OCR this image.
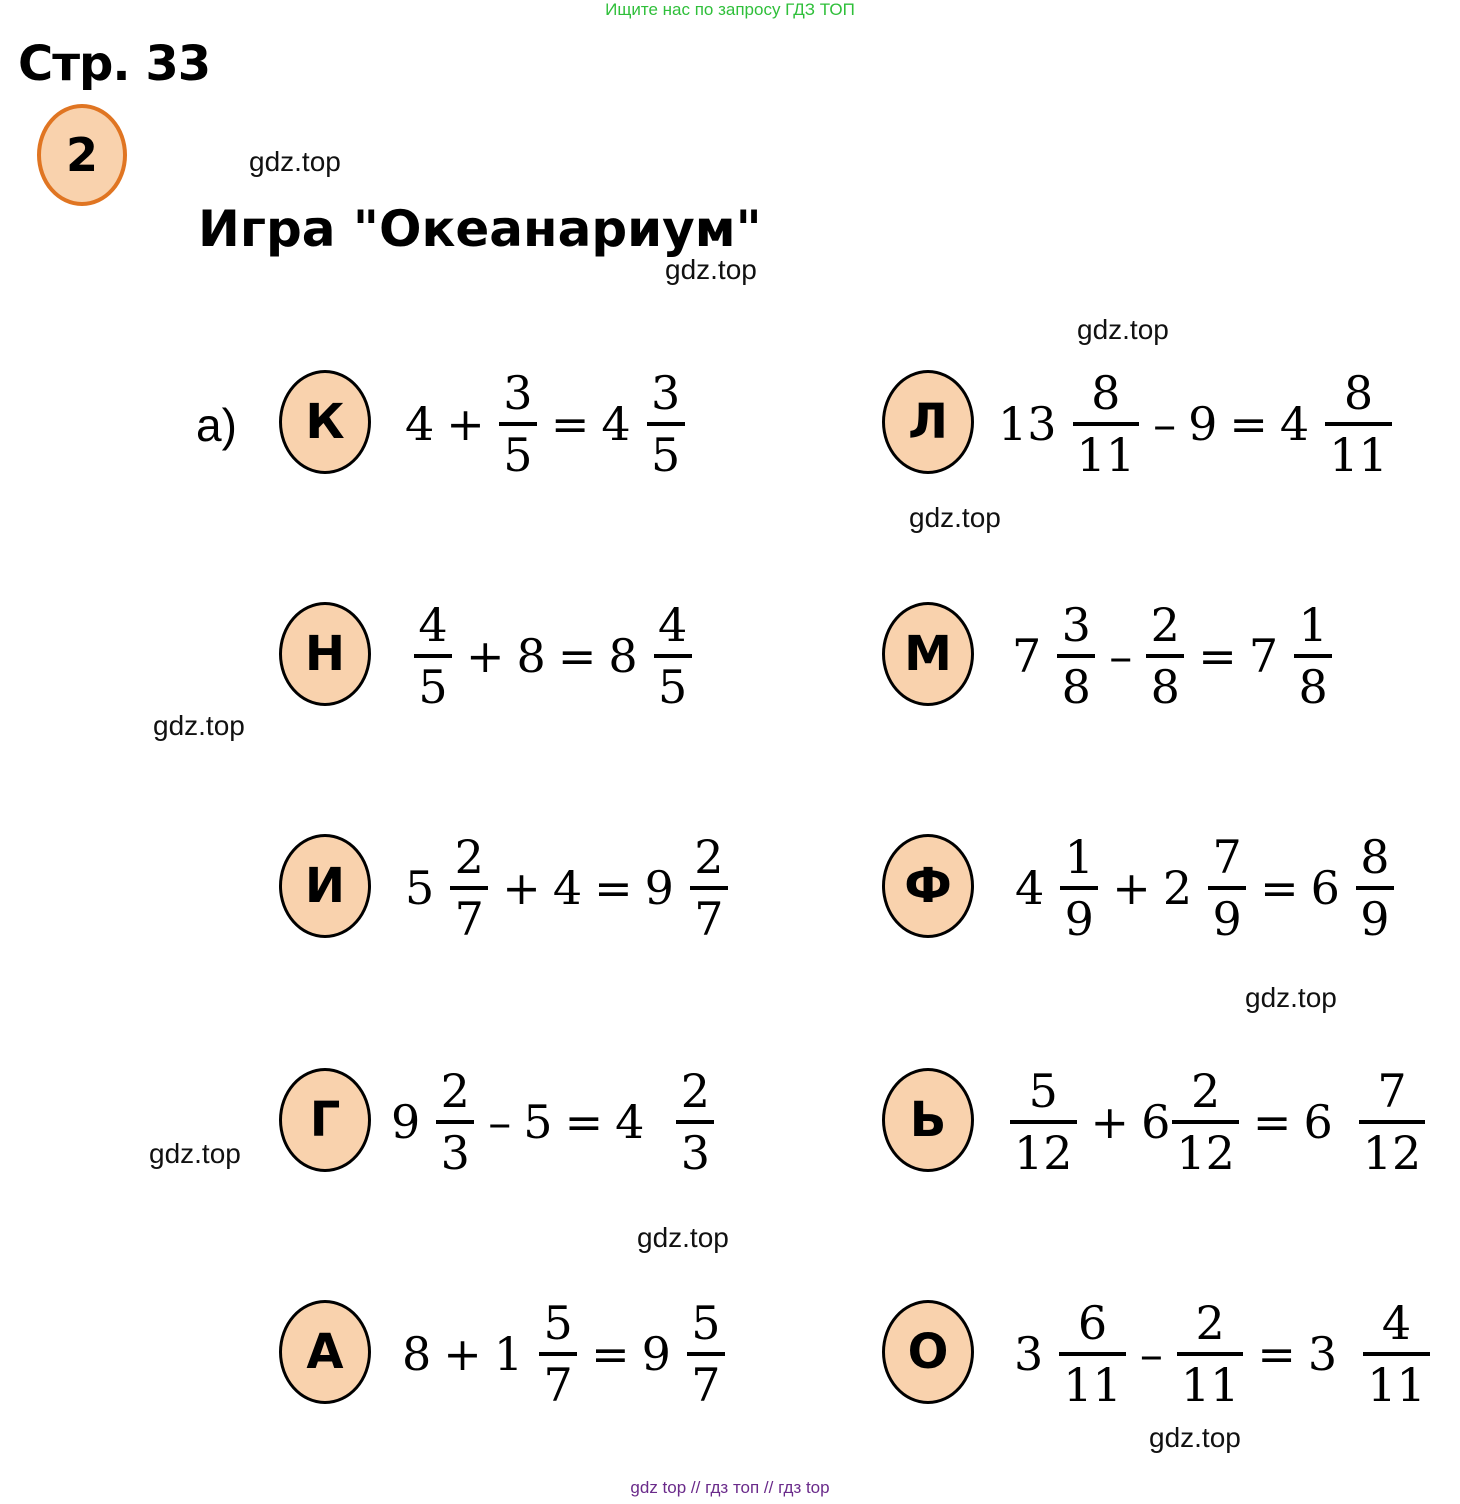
Ищите нас по запросу ГДЗ ТОП
Стр. 33
2
Игра "Океанариум"
а)
gdz.top
gdz.top
gdz.top
gdz.top
gdz.top
gdz.top
gdz.top
gdz.top
gdz.top
К $4 + \frac{3}{5} = 4 \frac{3}{5}$	Л $13 \frac{8}{11} - 9 = 4 \frac{8}{11}$
Н $\frac{4}{5} + 8 = 8 \frac{4}{5}$	М $7 \frac{3}{8} - \frac{2}{8} = 7 \frac{1}{8}$
И $5 \frac{2}{7} + 4 = 9 \frac{2}{7}$	Ф $4 \frac{1}{9} + 2 \frac{7}{9} = 6 \frac{8}{9}$
Г $9 \frac{2}{3} - 5 = 4 \frac{2}{3}$	Ь $\frac{5}{12} + 6 \frac{2}{12} = 6 \frac{7}{12}$
А $8 + 1 \frac{5}{7} = 9 \frac{5}{7}$	О $3 \frac{6}{11} - \frac{2}{11} = 3 \frac{4}{11}$
gdz top // гдз топ // гдз top
